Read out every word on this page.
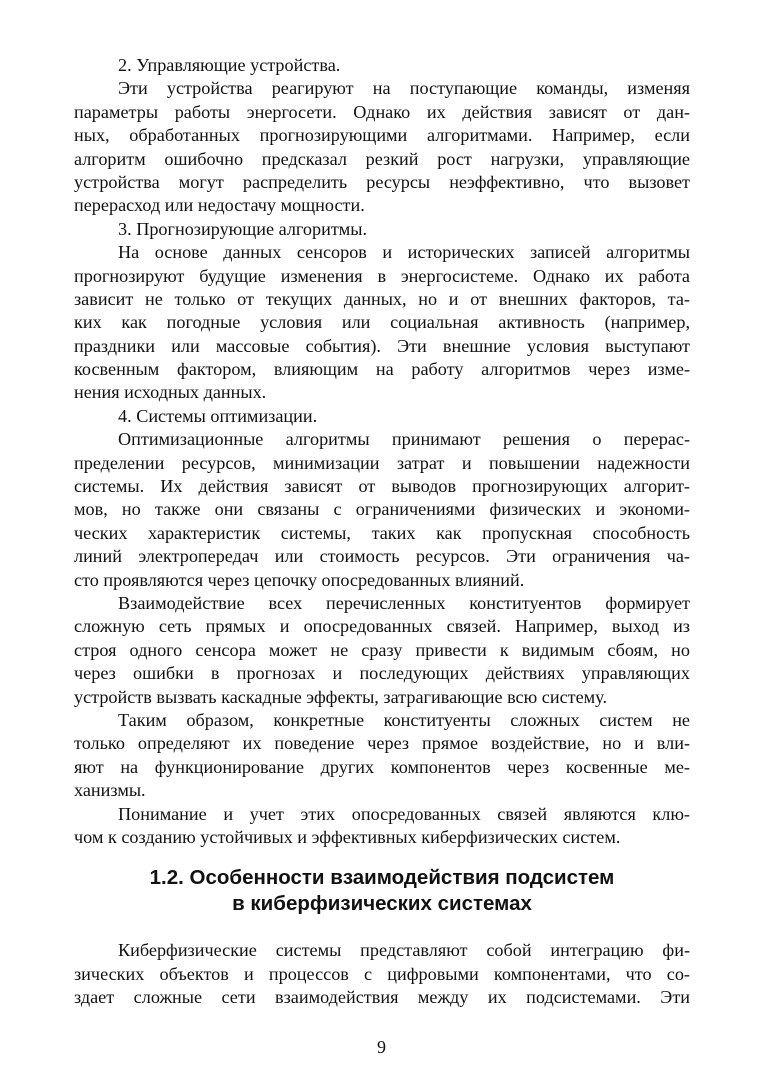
2. Управляющие устройства.

Эти устройства реагируют на поступающие команды, изменяя

параметры работы энергосети. Однако их действия зависят от дан-

ных, обработанных прогнозирующими алгоритмами. Например, если

алгоритм ошибочно предсказал резкий рост нагрузки, управляющие

устройства могут распределить ресурсы неэффективно, что вызовет

перерасход или недостачу мощности.

3. Прогнозирующие алгоритмы.

На основе данных сенсоров и исторических записей алгоритмы

прогнозируют будущие изменения в энергосистеме. Однако их работа

зависит не только от текущих данных, но и от внешних факторов, та-

ких как погодные условия или социальная активность (например,

праздники или массовые события). Эти внешние условия выступают

косвенным фактором, влияющим на работу алгоритмов через изме-

нения исходных данных.

4. Системы оптимизации.

Оптимизационные алгоритмы принимают решения о перерас-

пределении ресурсов, минимизации затрат и повышении надежности

системы. Их действия зависят от выводов прогнозирующих алгорит-

мов, но также они связаны с ограничениями физических и экономи-

ческих характеристик системы, таких как пропускная способность

линий электропередач или стоимость ресурсов. Эти ограничения ча-

сто проявляются через цепочку опосредованных влияний.

Взаимодействие всех перечисленных конституентов формирует

сложную сеть прямых и опосредованных связей. Например, выход из

строя одного сенсора может не сразу привести к видимым сбоям, но

через ошибки в прогнозах и последующих действиях управляющих

устройств вызвать каскадные эффекты, затрагивающие всю систему.

Таким образом, конкретные конституенты сложных систем не

только определяют их поведение через прямое воздействие, но и вли-

яют на функционирование других компонентов через косвенные ме-

ханизмы.

Понимание и учет этих опосредованных связей являются клю-

чом к созданию устойчивых и эффективных киберфизических систем.

1.2. Особенности взаимодействия подсистем
в киберфизических системах

Киберфизические системы представляют собой интеграцию фи-

зических объектов и процессов с цифровыми компонентами, что со-

здает сложные сети взаимодействия между их подсистемами. Эти

9
